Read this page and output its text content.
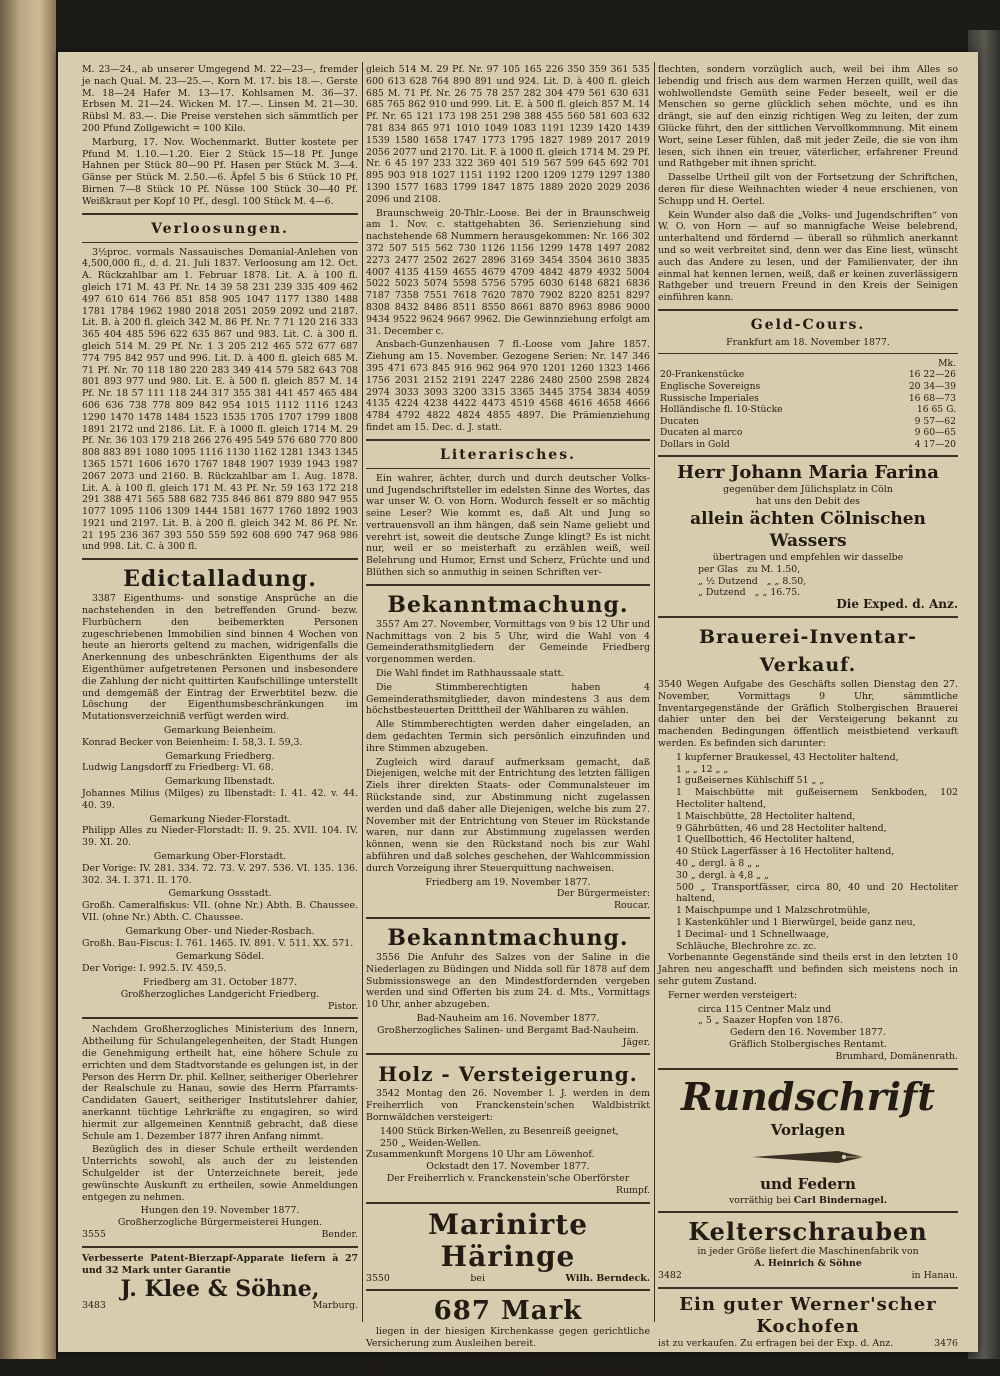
M. 23—24., ab unserer Umgegend M. 22—23—, fremder je nach Qual. M. 23—25.—. Korn M. 17. bis 18.—. Gerste M. 18—24 Hafer M. 13—17. Kohlsamen M. 36—37. Erbsen M. 21—24. Wicken M. 17.—. Linsen M. 21—30. Rübsl M. 83.—. Die Preise verstehen sich sämmtlich per 200 Pfund Zollgewicht = 100 Kilo.

Marburg, 17. Nov. Wochenmarkt. Butter kostete per Pfund M. 1.10.—1.20. Eier 2 Stück 15—18 Pf. Junge Hahnen per Stück 80—90 Pf. Hasen per Stück M. 3—4. Gänse per Stück M. 2.50.—6. Äpfel 5 bis 6 Stück 10 Pf. Birnen 7—8 Stück 10 Pf. Nüsse 100 Stück 30—40 Pf. Weißkraut per Kopf 10 Pf., desgl. 100 Stück M. 4—6.

Verloosungen.

3½proc. vormals Nassauisches Domanial-Anlehen von 4,500,000 fl., d. d. 21. Juli 1837. Verloosung am 12. Oct. A. Rückzahlbar am 1. Februar 1878. Lit. A. à 100 fl. gleich 171 M. 43 Pf. Nr. 14 39 58 231 239 335 409 462 497 610 614 766 851 858 905 1047 1177 1380 1488 1781 1784 1962 1980 2018 2051 2059 2092 und 2187. Lit. B. à 200 fl. gleich 342 M. 86 Pf. Nr. 7 71 120 216 333 365 404 485 596 622 635 867 und 983. Lit. C. à 300 fl. gleich 514 M. 29 Pf. Nr. 1 3 205 212 465 572 677 687 774 795 842 957 und 996. Lit. D. à 400 fl. gleich 685 M. 71 Pf. Nr. 70 118 180 220 283 349 414 579 582 643 708 801 893 977 und 980. Lit. E. à 500 fl. gleich 857 M. 14 Pf. Nr. 18 57 111 118 244 317 355 381 441 457 465 484 606 636 738 778 809 842 954 1015 1112 1116 1243 1290 1470 1478 1484 1523 1535 1705 1707 1799 1808 1891 2172 und 2186. Lit. F. à 1000 fl. gleich 1714 M. 29 Pf. Nr. 36 103 179 218 266 276 495 549 576 680 770 800 808 883 891 1080 1095 1116 1130 1162 1281 1343 1345 1365 1571 1606 1670 1767 1848 1907 1939 1943 1987 2067 2073 und 2160. B. Rückzahlbar am 1. Aug. 1878. Lit. A. à 100 fl. gleich 171 M. 43 Pf. Nr. 59 163 172 218 291 388 471 565 588 682 735 846 861 879 880 947 955 1077 1095 1106 1309 1444 1581 1677 1760 1892 1903 1921 und 2197. Lit. B. à 200 fl. gleich 342 M. 86 Pf. Nr. 21 195 236 367 393 550 559 592 608 690 747 968 986 und 998. Lit. C. à 300 fl.

Edictalladung.

3387 Eigenthums- und sonstige Ansprüche an die nachstehenden in den betreffenden Grund- bezw. Flurbüchern den beibemerkten Personen zugeschriebenen Immobilien sind binnen 4 Wochen von heute an hierorts geltend zu machen, widrigenfalls die Anerkennung des unbeschränkten Eigenthums der als Eigenthümer aufgetretenen Personen und insbesondere die Zahlung der nicht quittirten Kaufschillinge unterstellt und demgemäß der Eintrag der Erwerbtitel bezw. die Löschung der Eigenthumsbeschränkungen im Mutationsverzeichniß verfügt werden wird.

Gemarkung Beienheim.

Konrad Becker von Beienheim: I. 58,3. I. 59,3.

Gemarkung Friedberg.

Ludwig Langsdorff zu Friedberg: VI. 68.

Gemarkung Ilbenstadt.

Johannes Milius (Milges) zu Ilbenstadt: I. 41. 42. v. 44. 40. 39.

Gemarkung Nieder-Florstadt.

Philipp Alles zu Nieder-Florstadt: II. 9. 25. XVII. 104. IV. 39. XI. 20.

Gemarkung Ober-Florstadt.

Der Vorige: IV. 281. 334. 72. 73. V. 297. 536. VI. 135. 136. 302. 34. I. 371. II. 170.

Gemarkung Ossstadt.

Großh. Cameralfiskus: VII. (ohne Nr.) Abth. B. Chaussee. VII. (ohne Nr.) Abth. C. Chaussee.

Gemarkung Ober- und Nieder-Rosbach.

Großh. Bau-Fiscus: I. 761. 1465. IV. 891. V. 511. XX. 571.

Gemarkung Södel.

Der Vorige: I. 992.5. IV. 459,5.

Friedberg am 31. October 1877.
Großherzogliches Landgericht Friedberg.
Pistor.

Nachdem Großherzogliches Ministerium des Innern, Abtheilung für Schulangelegenheiten, der Stadt Hungen die Genehmigung ertheilt hat, eine höhere Schule zu errichten und dem Stadtvorstande es gelungen ist, in der Person des Herrn Dr. phil. Kellner, seitheriger Oberlehrer der Realschule zu Hanau, sowie des Herrn Pfarramts-Candidaten Gauert, seitheriger Institutslehrer dahier, anerkannt tüchtige Lehrkräfte zu engagiren, so wird hiermit zur allgemeinen Kenntniß gebracht, daß diese Schule am 1. Dezember 1877 ihren Anfang nimmt.

Bezüglich des in dieser Schule ertheilt werdenden Unterrichts sowohl, als auch der zu leistenden Schulgelder ist der Unterzeichnete bereit, jede gewünschte Auskunft zu ertheilen, sowie Anmeldungen entgegen zu nehmen.

Hungen den 19. November 1877.
Großherzogliche Bürgermeisterei Hungen.
3555	Bender.

Verbesserte Patent-Bierzapf-Apparate liefern à 27 und 32 Mark unter Garantie

J. Klee & Söhne,
3483	Marburg.

gleich 514 M. 29 Pf. Nr. 97 105 165 226 350 359 361 535 600 613 628 764 890 891 und 924. Lit. D. à 400 fl. gleich 685 M. 71 Pf. Nr. 26 75 78 257 282 304 479 561 630 631 685 765 862 910 und 999. Lit. E. à 500 fl. gleich 857 M. 14 Pf. Nr. 65 121 173 198 251 298 388 455 560 581 603 632 781 834 865 971 1010 1049 1083 1191 1239 1420 1439 1539 1580 1658 1747 1773 1795 1827 1989 2017 2019 2056 2077 und 2170. Lit. F. à 1000 fl. gleich 1714 M. 29 Pf. Nr. 6 45 197 233 322 369 401 519 567 599 645 692 701 895 903 918 1027 1151 1192 1200 1209 1279 1297 1380 1390 1577 1683 1799 1847 1875 1889 2020 2029 2036 2096 und 2108.

Braunschweig 20-Thlr.-Loose. Bei der in Braunschweig am 1. Nov. c. stattgehabten 36. Serienziehung sind nachstehende 68 Nummern herausgekommen: Nr. 166 302 372 507 515 562 730 1126 1156 1299 1478 1497 2082 2273 2477 2502 2627 2896 3169 3454 3504 3610 3835 4007 4135 4159 4655 4679 4709 4842 4879 4932 5004 5022 5023 5074 5598 5756 5795 6030 6148 6821 6836 7187 7358 7551 7618 7620 7870 7902 8220 8251 8297 8308 8432 8486 8511 8550 8661 8870 8963 8986 9000 9434 9522 9624 9667 9962. Die Gewinnziehung erfolgt am 31. December c.

Ansbach-Gunzenhausen 7 fl.-Loose vom Jahre 1857. Ziehung am 15. November. Gezogene Serien: Nr. 147 346 395 471 673 845 916 962 964 970 1201 1260 1323 1466 1756 2031 2152 2191 2247 2286 2480 2500 2598 2824 2974 3033 3093 3200 3315 3365 3445 3754 3834 4059 4135 4224 4238 4422 4473 4519 4568 4616 4658 4666 4784 4792 4822 4824 4855 4897. Die Prämienziehung findet am 15. Dec. d. J. statt.

Literarisches.

Ein wahrer, ächter, durch und durch deutscher Volks- und Jugendschriftsteller im edelsten Sinne des Wortes, das war unser W. O. von Horn. Wodurch fesselt er so mächtig seine Leser? Wie kommt es, daß Alt und Jung so vertrauensvoll an ihm hängen, daß sein Name geliebt und verehrt ist, soweit die deutsche Zunge klingt? Es ist nicht nur, weil er so meisterhaft zu erzählen weiß, weil Belehrung und Humor, Ernst und Scherz, Früchte und und Blüthen sich so anmuthig in seinen Schriften ver-

Bekanntmachung.

3557 Am 27. November, Vormittags von 9 bis 12 Uhr und Nachmittags von 2 bis 5 Uhr, wird die Wahl von 4 Gemeinderathsmitgliedern der Gemeinde Friedberg vorgenommen werden.

Die Wahl findet im Rathhaussaale statt.

Die Stimmberechtigten haben 4 Gemeinderathsmitglieder, davon mindestens 3 aus dem höchstbesteuerten Dritttheil der Wählbaren zu wählen.

Alle Stimmberechtigten werden daher eingeladen, an dem gedachten Termin sich persönlich einzufinden und ihre Stimmen abzugeben.

Zugleich wird darauf aufmerksam gemacht, daß Diejenigen, welche mit der Entrichtung des letzten fälligen Ziels ihrer direkten Staats- oder Communalsteuer im Rückstande sind, zur Abstimmung nicht zugelassen werden und daß daher alle Diejenigen, welche bis zum 27. November mit der Entrichtung von Steuer im Rückstande waren, nur dann zur Abstimmung zugelassen werden können, wenn sie den Rückstand noch bis zur Wahl abführen und daß solches geschehen, der Wahlcommission durch Vorzeigung ihrer Steuerquittung nachweisen.

Friedberg am 19. November 1877.
Der Bürgermeister:
Roucar.
Bekanntmachung.

3556 Die Anfuhr des Salzes von der Saline in die Niederlagen zu Büdingen und Nidda soll für 1878 auf dem Submissionswege an den Mindestfordernden vergeben werden und sind Offerten bis zum 24. d. Mts., Vormittags 10 Uhr, anher abzugeben.

Bad-Nauheim am 16. November 1877.
Großherzogliches Salinen- und Bergamt Bad-Nauheim.
Jäger.
Holz - Versteigerung.

3542 Montag den 26. November l. J. werden in dem Freiherrlich von Franckenstein'schen Waldbistrikt Bornwäldchen versteigert:

1400 Stück Birken-Wellen, zu Besenreiß geeignet,
250 „ Weiden-Wellen.
Zusammenkunft Morgens 10 Uhr am Löwenhof.
Ockstadt den 17. November 1877.
Der Freiherrlich v. Franckenstein'sche Oberförster
Rumpf.
Marinirte Häringe
3550	bei	Wilh. Berndeck.
687 Mark

liegen in der hiesigen Kirchenkasse gegen gerichtliche Versicherung zum Ausleihen bereit.

Bönstadt am 15. November 1877.
3537	Der Kirchenvorstand.

flechten, sondern vorzüglich auch, weil bei ihm Alles so lebendig und frisch aus dem warmen Herzen quillt, weil das wohlwollendste Gemüth seine Feder beseelt, weil er die Menschen so gerne glücklich sehen möchte, und es ihn drängt, sie auf den einzig richtigen Weg zu leiten, der zum Glücke führt, den der sittlichen Vervollkommnung. Mit einem Wort, seine Leser fühlen, daß mit jeder Zeile, die sie von ihm lesen, sich ihnen ein treuer, väterlicher, erfahrener Freund und Rathgeber mit ihnen spricht.

Dasselbe Urtheil gilt von der Fortsetzung der Schriftchen, deren für diese Weihnachten wieder 4 neue erschienen, von Schupp und H. Oertel.

Kein Wunder also daß die „Volks- und Jugendschriften“ von W. O. von Horn — auf so mannigfache Weise belebrend, unterhaltend und fördernd — überall so rühmlich anerkannt und so weit verbreitet sind, denn wer das Eine liest, wünscht auch das Andere zu lesen, und der Familienvater, der ihn einmal hat kennen lernen, weiß, daß er keinen zuverlässigern Rathgeber und treuern Freund in den Kreis der Seinigen einführen kann.

Geld-Cours.
Frankfurt am 18. November 1877.
	Mk.
20-Frankenstücke	16 22—26
Englische Sovereigns	20 34—39
Russische Imperiales	16 68—73
Holländische fl. 10-Stücke	16 65 G.
Ducaten	9 57—62
Ducaten al marco	9 60—65
Dollars in Gold	4 17—20
Herr Johann Maria Farina
gegenüber dem Jülichsplatz in Cöln
hat uns den Debit des
allein ächten Cölnischen Wassers
übertragen und empfehlen wir dasselbe
per Glas zu M. 1.50,
„ ½ Dutzend „ „ 8.50,
„ Dutzend „ „ 16.75.
Die Exped. d. Anz.
Brauerei-Inventar-Verkauf.

3540 Wegen Aufgabe des Geschäfts sollen Dienstag den 27. November, Vormittags 9 Uhr, sämmtliche Inventargegenstände der Gräflich Stolbergischen Brauerei dahier unter den bei der Versteigerung bekannt zu machenden Bedingungen öffentlich meistbietend verkauft werden. Es befinden sich darunter:

1 kupferner Braukessel, 43 Hectoliter haltend,
1 „ „ 12 „ „
1 gußeisernes Kühlschiff 51 „ „
1 Maischbütte mit gußeisernem Senkboden, 102 Hectoliter haltend,
1 Maischbütte, 28 Hectoliter haltend,
9 Gährbütten, 46 und 28 Hectoliter haltend,
1 Quellbottich, 46 Hectoliter haltend,
40 Stück Lagerfässer à 16 Hectoliter haltend,
40 „ dergl. à 8 „ „
30 „ dergl. à 4,8 „ „
500 „ Transportfässer, circa 80, 40 und 20 Hectoliter haltend,
1 Maischpumpe und 1 Malzschrotmühle,
1 Kastenkühler und 1 Bierwürgel, beide ganz neu,
1 Decimal- und 1 Schnellwaage,
Schläuche, Blechrohre zc. zc.

Vorbenannte Gegenstände sind theils erst in den letzten 10 Jahren neu angeschafft und befinden sich meistens noch in sehr gutem Zustand.

Ferner werden versteigert:

circa 115 Centner Malz und
„ 5 „ Saazer Hopfen von 1876.
Gedern den 16. November 1877.
Gräflich Stolbergisches Rentamt.
Brumhard, Domänenrath.
Rundschrift
Vorlagen
und Federn
vorräthig bei Carl Bindernagel.
Kelterschrauben
in jeder Größe liefert die Maschinenfabrik von
A. Heinrich & Söhne
3482	in Hanau.
Ein guter Werner'scher Kochofen
ist zu verkaufen. Zu erfragen bei der Exp. d. Anz.	3476
